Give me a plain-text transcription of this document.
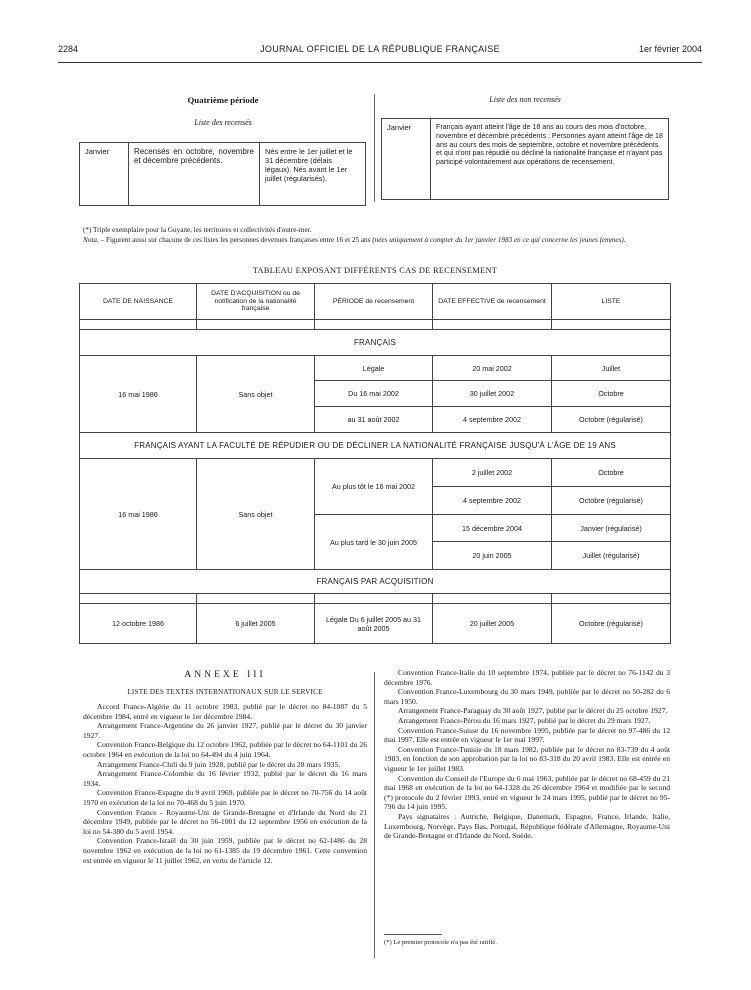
2284	JOURNAL OFFICIEL DE LA RÉPUBLIQUE FRANÇAISE	1er février 2004
Quatrième période
Liste des recensés
Liste des non recensés
Janvier	Recensés en octobre, novembre et décembre précédents.	Nés entre le 1er juillet et le 31 décembre (délais légaux). Nés avant le 1er juillet (régularisés).
Janvier	Français ayant atteint l'âge de 18 ans au cours des mois d'octobre, novembre et décembre précédents ; Personnes ayant atteint l'âge de 18 ans au cours des mois de septembre, octobre et novembre précédents et qui n'ont pas répudié ou décliné la nationalité française et n'ayant pas participé volontairement aux opérations de recensement.
(*) Triple exemplaire pour la Guyane, les territoires et collectivités d'outre-mer.
Nota. – Figurent aussi sur chacune de ces listes les personnes devenues françaises entre 16 et 25 ans (nées uniquement à compter du 1er janvier 1983 en ce qui concerne les jeunes femmes).
TABLEAU EXPOSANT DIFFÉRENTS CAS DE RECENSEMENT
DATE DE NAISSANCE	DATE D'ACQUISITION ou de notification de la nationalité française	PÉRIODE de recensement	DATE EFFECTIVE de recensement	LISTE

FRANÇAIS				
16 mai 1986	Sans objet	Légale	20 mai 2002	Juillet
		Du 16 mai 2002	30 juillet 2002	Octobre
		au 31 août 2002	4 septembre 2002	Octobre (régularisé)
FRANÇAIS AYANT LA FACULTÉ DE RÉPUDIER OU DE DÉCLINER LA NATIONALITÉ FRANÇAISE JUSQU'À L'ÂGE DE 19 ANS				
16 mai 1986	Sans objet	Au plus tôt le 16 mai 2002	2 juillet 2002	Octobre
			4 septembre 2002	Octobre (régularisé)
		Au plus tard le 30 juin 2005	15 décembre 2004	Janvier (régularisé)
			20 juin 2005	Juillet (régularisé)
FRANÇAIS PAR ACQUISITION				

12 octobre 1986	6 juillet 2005	Légale Du 6 juillet 2005 au 31 août 2005	20 juillet 2005	Octobre (régularisé)
ANNEXE III
LISTE DES TEXTES INTERNATIONAUX SUR LE SERVICE

Accord France-Algérie du 11 octobre 1983, publié par le décret no 84-1087 du 5 décembre 1984, entré en vigueur le 1er décembre 1984.

Arrangement France-Argentine du 26 janvier 1927, publié par le décret du 30 janvier 1927.

Convention France-Belgique du 12 octobre 1962, publiée par le décret no 64-1101 du 26 octobre 1964 en exécution de la loi no 64-494 du 4 juin 1964.

Arrangement France-Chili du 9 juin 1928, publié par le décret du 28 mars 1935.

Arrangement France-Colombie du 16 février 1932, publié par le décret du 16 mars 1934.

Convention France-Espagne du 9 avril 1969, publiée par le décret no 70-756 du 14 août 1970 en exécution de la loi no 70-468 du 5 juin 1970.

Convention France - Royaume-Uni de Grande-Bretagne et d'Irlande du Nord du 21 décembre 1949, publiée par le décret no 56-1001 du 12 septembre 1956 en exécution de la loi no 54-380 du 5 avril 1954.

Convention France-Israël du 30 juin 1959, publiée par le décret no 62-1486 du 28 novembre 1962 en exécution de la loi no 61-1385 du 19 décembre 1961. Cette convention est entrée en vigueur le 11 juillet 1962, en vertu de l'article 12.

Convention France-Italie du 10 septembre 1974, publiée par le décret no 76-1142 du 3 décembre 1976.

Convention France-Luxembourg du 30 mars 1949, publiée par le décret no 50-282 du 6 mars 1950.

Arrangement France-Paraguay du 30 août 1927, publié par le décret du 25 octobre 1927.

Arrangement France-Pérou du 16 mars 1927, publié par le décret du 29 mars 1927.

Convention France-Suisse du 16 novembre 1995, publiée par le décret no 97-486 du 12 mai 1997. Elle est entrée en vigueur le 1er mai 1997.

Convention France-Tunisie du 18 mars 1982, publiée par le décret no 83-739 du 4 août 1983, en fonction de son approbation par la loi no 83-318 du 20 avril 1983. Elle est entrée en vigueur le 1er juillet 1983.

Convention du Conseil de l'Europe du 6 mai 1963, publiée par le décret no 68-459 du 21 mai 1968 en exécution de la loi no 64-1328 du 26 décembre 1964 et modifiée par le second (*) protocole du 2 février 1993, entré en vigueur le 24 mars 1995, publié par le décret no 95-796 du 14 juin 1995.

Pays signataires : Autriche, Belgique, Danemark, Espagne, France, Irlande, Italie, Luxembourg, Norvège, Pays Bas, Portugal, République fédérale d'Allemagne, Royaume-Uni de Grande-Bretagne et d'Irlande du Nord, Suède.

(*) Le premier protocole n'a pas été ratifié.
